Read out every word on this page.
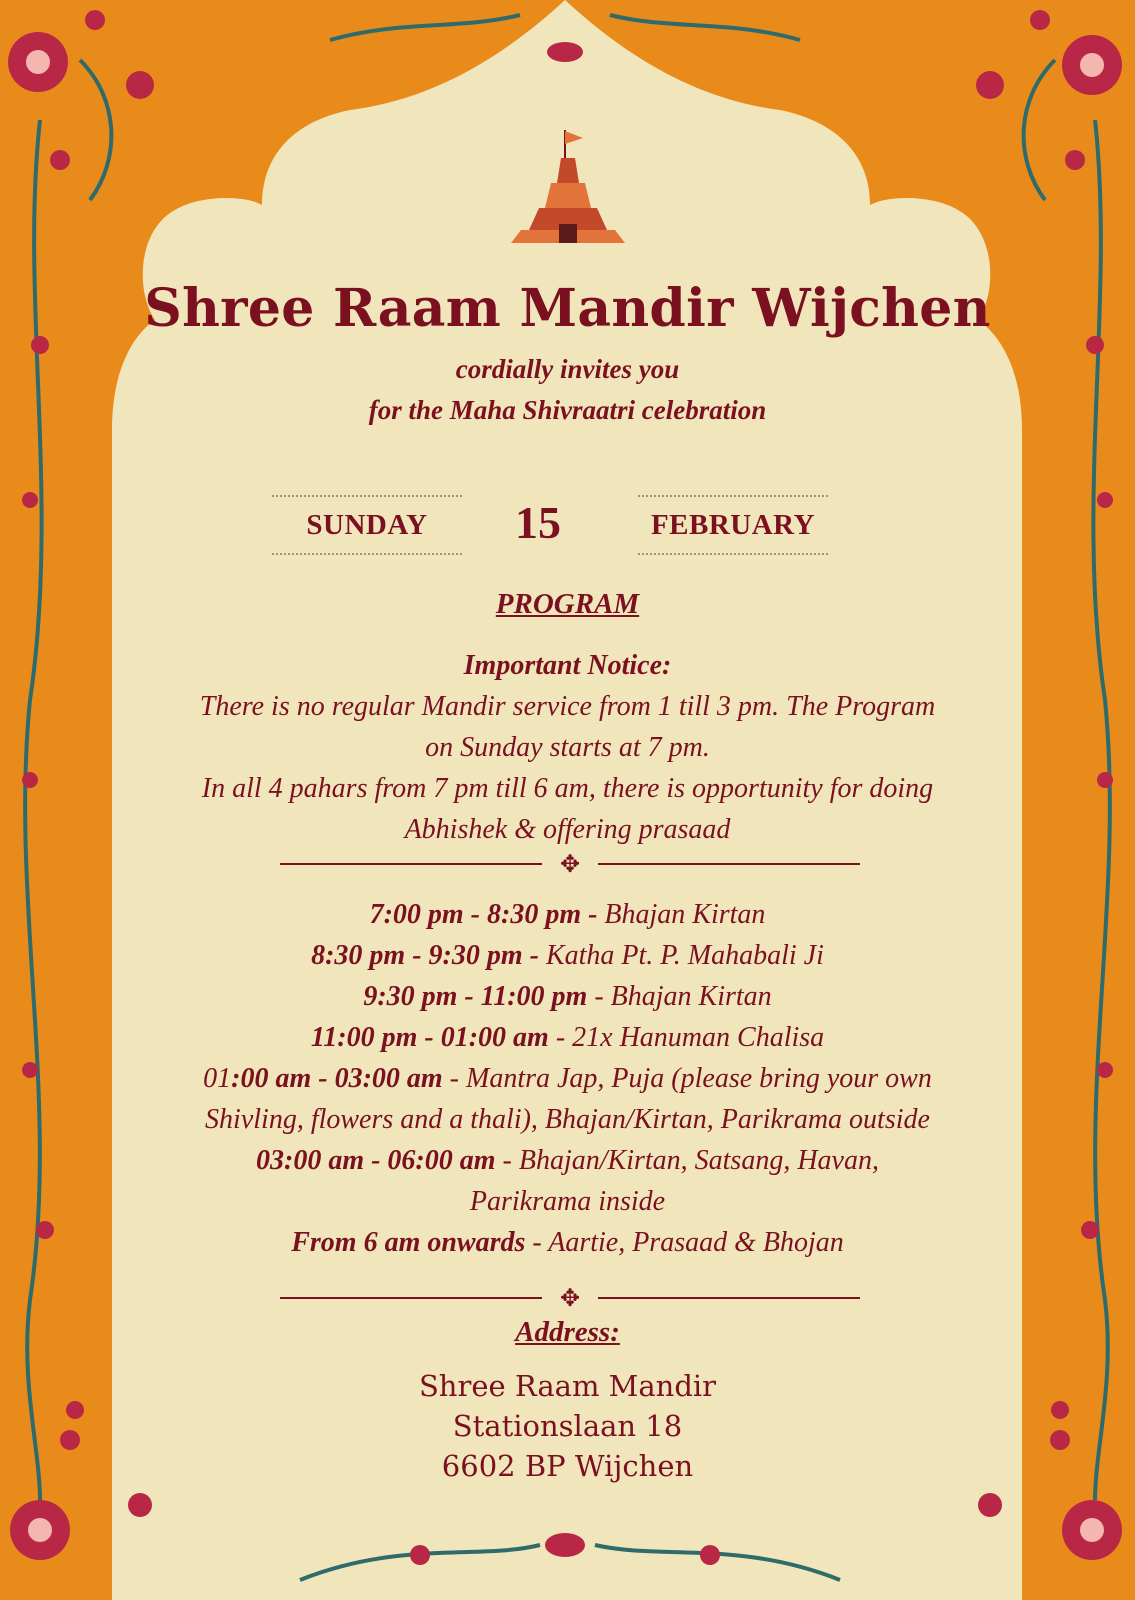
Shree Raam Mandir Wijchen
cordially invites you
for the Maha Shivraatri celebration
SUNDAY	15	FEBRUARY
PROGRAM
Important Notice:
There is no regular Mandir service from 1 till 3 pm. The Program
on Sunday starts at 7 pm.
In all 4 pahars from 7 pm till 6 am, there is opportunity for doing
Abhishek & offering prasaad
✥
7:00 pm - 8:30 pm - Bhajan Kirtan
8:30 pm - 9:30 pm - Katha Pt. P. Mahabali Ji
9:30 pm - 11:00 pm - Bhajan Kirtan
11:00 pm - 01:00 am - 21x Hanuman Chalisa
01:00 am - 03:00 am - Mantra Jap, Puja (please bring your own
Shivling, flowers and a thali), Bhajan/Kirtan, Parikrama outside
03:00 am - 06:00 am - Bhajan/Kirtan, Satsang, Havan,
Parikrama inside
From 6 am onwards - Aartie, Prasaad & Bhojan
✥
Address:
Shree Raam Mandir
Stationslaan 18
6602 BP Wijchen
